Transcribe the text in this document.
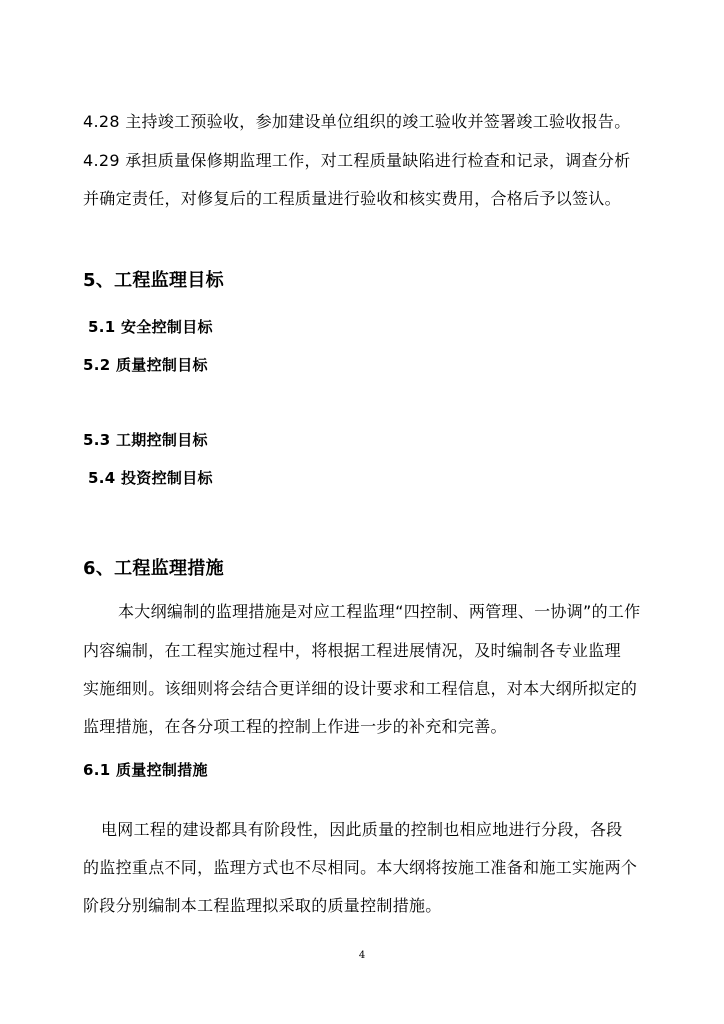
4.28 主持竣工预验收，参加建设单位组织的竣工验收并签署竣工验收报告。
4.29 承担质量保修期监理工作，对工程质量缺陷进行检查和记录，调查分析
并确定责任，对修复后的工程质量进行验收和核实费用，合格后予以签认。
5、工程监理目标
5.1 安全控制目标
5.2 质量控制目标
5.3 工期控制目标
5.4 投资控制目标
6、工程监理措施
本大纲编制的监理措施是对应工程监理“四控制、两管理、一协调”的工作
内容编制，在工程实施过程中，将根据工程进展情况，及时编制各专业监理
实施细则。该细则将会结合更详细的设计要求和工程信息，对本大纲所拟定的
监理措施，在各分项工程的控制上作进一步的补充和完善。
6.1 质量控制措施
电网工程的建设都具有阶段性，因此质量的控制也相应地进行分段，各段
的监控重点不同，监理方式也不尽相同。本大纲将按施工准备和施工实施两个
阶段分别编制本工程监理拟采取的质量控制措施。
4
